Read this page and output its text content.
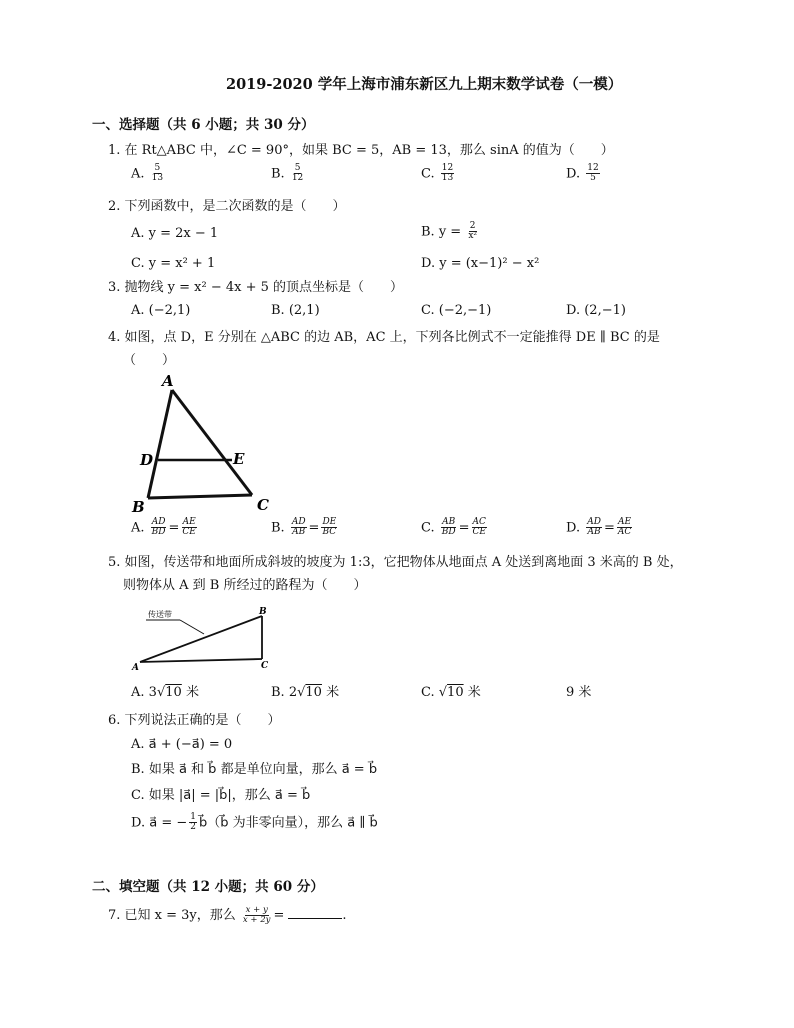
2019-2020 学年上海市浦东新区九上期末数学试卷（一模）
一、选择题（共 6 小题；共 30 分）
1. 在 Rt△ABC 中，∠C = 90°，如果 BC = 5，AB = 13，那么 sinA 的值为（　　）
A. $\frac{5}{13}$	B. $\frac{5}{12}$	C. $\frac{12}{13}$	D. $\frac{12}{5}$
2. 下列函数中，是二次函数的是（　　）
A. y = 2x − 1	B. $y = \frac{2}{\text{x²}}$
C. y = x² + 1	D. y = (x−1)² − x²
3. 抛物线 y = x² − 4x + 5 的顶点坐标是（　　）
A. (−2,1)	B. (2,1)	C. (−2,−1)	D. (2,−1)
4. 如图，点 D，E 分别在 △ABC 的边 AB，AC 上，下列各比例式不一定能推得 DE ∥ BC 的是
（　　）
A
D	E
B	C
A. $\frac{AD}{BD} = \frac{AE}{CE}$	B. $\frac{AD}{AB} = \frac{DE}{BC}$	C. $\frac{AB}{BD} = \frac{AC}{CE}$	D. $\frac{AD}{AB} = \frac{AE}{AC}$
5. 如图，传送带和地面所成斜坡的坡度为 1:3，它把物体从地面点 A 处送到离地面 3 米高的 B 处，
则物体从 A 到 B 所经过的路程为（　　）
传送带	B
A	C
A. 3√10 米	B. 2√10 米	C. √10 米	9 米
6. 下列说法正确的是（　　）
A. a⃗ + (−a⃗) = 0
B. 如果 a⃗ 和 b⃗ 都是单位向量，那么 a⃗ = b⃗
C. 如果 |a⃗| = |b⃗|，那么 a⃗ = b⃗
D. a⃗ = − $\frac{1}{2}$ b⃗（b⃗ 为非零向量），那么 a⃗ ∥ b⃗
二、填空题（共 12 小题；共 60 分）
7. 已知 x = 3y，那么 $\frac{x + y}{x + 2y}$ =	.
